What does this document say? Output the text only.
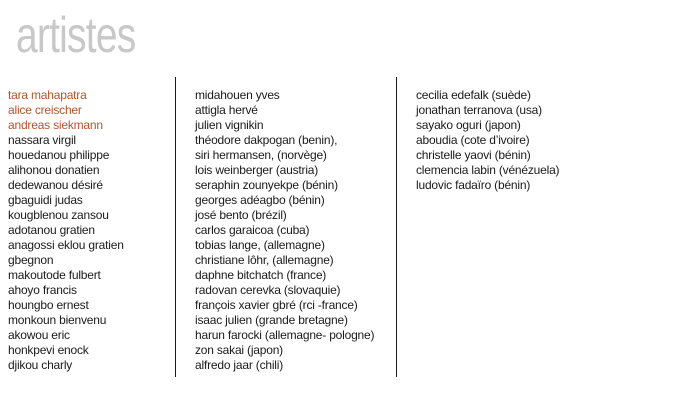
artistes
tara mahapatra
alice creischer
andreas siekmann
nassara virgil
houedanou philippe
alihonou donatien
dedewanou désiré
gbaguidi judas
kougblenou zansou
adotanou gratien
anagossi eklou gratien
gbegnon
makoutode fulbert
ahoyo francis
houngbo ernest
monkoun bienvenu
akowou eric
honkpevi enock
djikou charly
midahouen yves
attigla hervé
julien vignikin
théodore dakpogan (benin),
siri hermansen, (norvège)
lois weinberger (austria)
seraphin zounyekpe (bénin)
georges adéagbo (bénin)
josé bento (brézil)
carlos garaicoa (cuba)
tobias lange, (allemagne)
christiane lôhr, (allemagne)
daphne bitchatch (france)
radovan cerevka (slovaquie)
françois xavier gbré (rci -france)
isaac julien (grande bretagne)
harun farocki (allemagne- pologne)
zon sakai (japon)
alfredo jaar (chili)
cecilia edefalk (suède)
jonathan terranova (usa)
sayako oguri (japon)
aboudia (cote d’ivoire)
christelle yaovi (bénin)
clemencia labin (vénézuela)
ludovic fadaïro (bénin)
